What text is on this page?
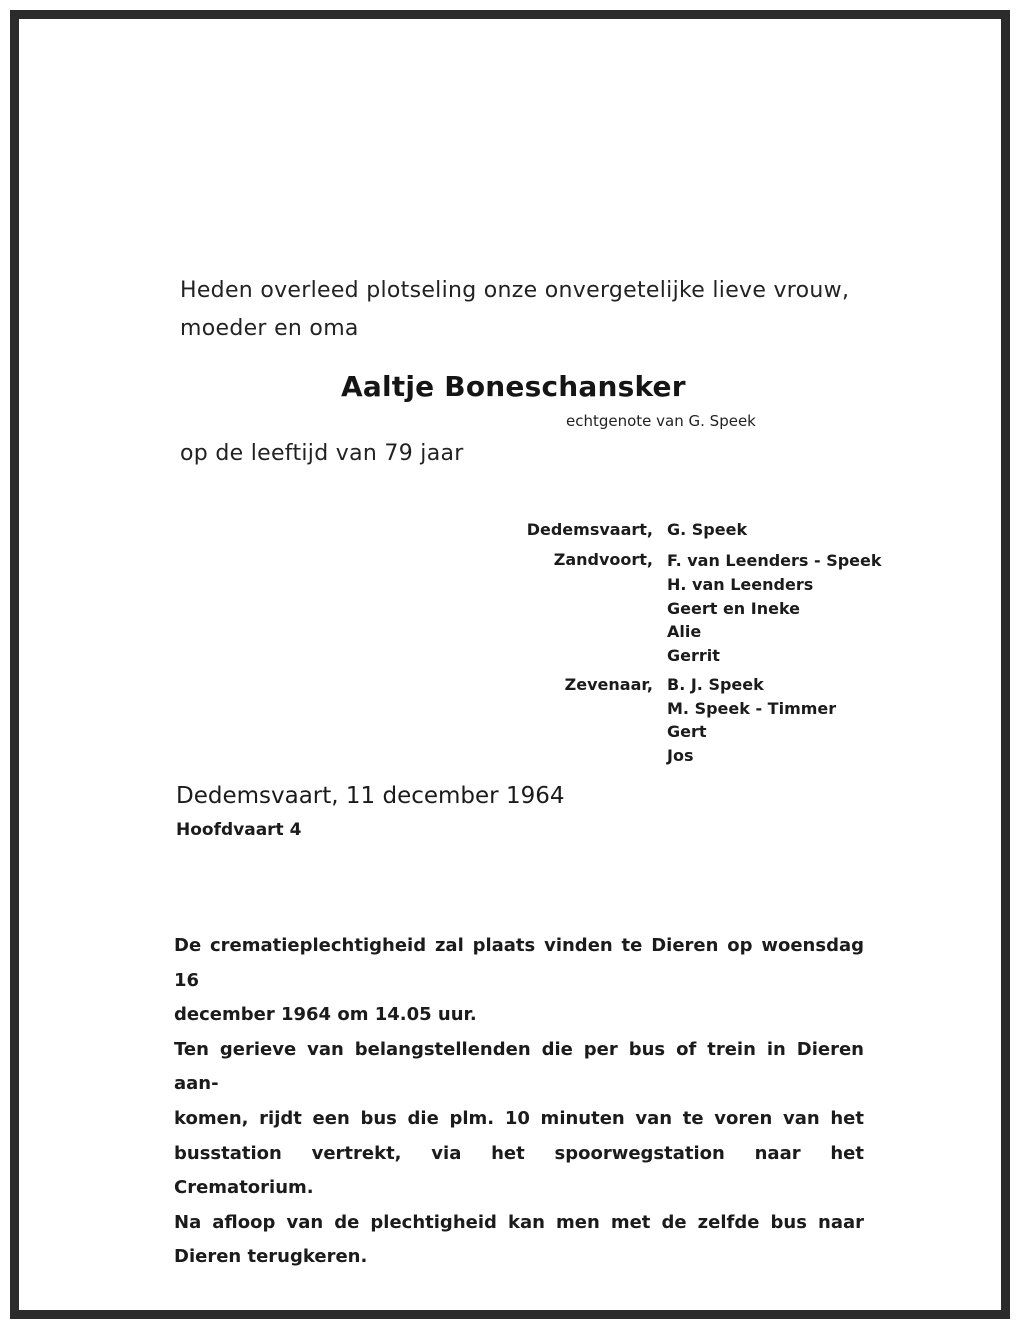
Heden overleed plotseling onze onvergetelijke lieve vrouw,

moeder en oma

Aaltje Boneschansker

echtgenote van G. Speek

op de leeftijd van 79 jaar

Dedemsvaart, G. Speek

Zandvoort, F. van Leenders - Speek

H. van Leenders

Geert en Ineke

Alie

Gerrit

Zevenaar, B. J. Speek

M. Speek - Timmer

Gert

Jos

Dedemsvaart, 11 december 1964

Hoofdvaart 4

De crematieplechtigheid zal plaats vinden te Dieren op woensdag 16

december 1964 om 14.05 uur.

Ten gerieve van belangstellenden die per bus of trein in Dieren aan-

komen, rijdt een bus die plm. 10 minuten van te voren van het

busstation vertrekt, via het spoorwegstation naar het Crematorium.

Na afloop van de plechtigheid kan men met de zelfde bus naar

Dieren terugkeren.
